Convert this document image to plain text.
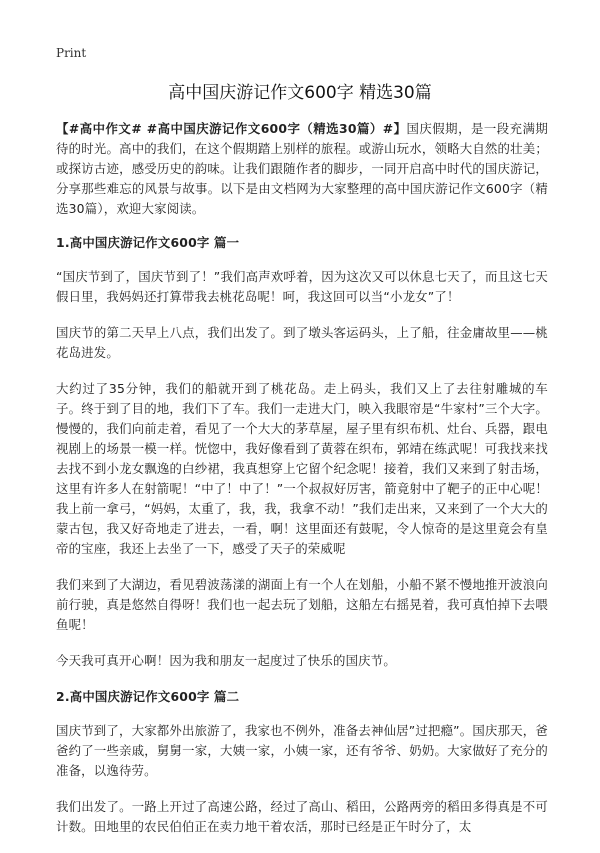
Print
高中国庆游记作文600字 精选30篇

【#高中作文# #高中国庆游记作文600字（精选30篇）#】国庆假期，是一段充满期待的时光。高中的我们，在这个假期踏上别样的旅程。或游山玩水，领略大自然的壮美；或探访古迹，感受历史的韵味。让我们跟随作者的脚步，一同开启高中时代的国庆游记，分享那些难忘的风景与故事。以下是由文档网为大家整理的高中国庆游记作文600字（精选30篇），欢迎大家阅读。

1.高中国庆游记作文600字 篇一

“国庆节到了，国庆节到了！”我们高声欢呼着，因为这次又可以休息七天了，而且这七天假日里，我妈妈还打算带我去桃花岛呢！呵，我这回可以当“小龙女”了！

国庆节的第二天早上八点，我们出发了。到了墩头客运码头，上了船，往金庸故里——桃花岛进发。

大约过了35分钟，我们的船就开到了桃花岛。走上码头，我们又上了去往射雕城的车子。终于到了目的地，我们下了车。我们一走进大门，映入我眼帘是“牛家村”三个大字。慢慢的，我们向前走着，看见了一个大大的茅草屋，屋子里有织布机、灶台、兵器，跟电视剧上的场景一模一样。恍惚中，我好像看到了黄蓉在织布，郭靖在练武呢！可我找来找去找不到小龙女飘逸的白纱裙，我真想穿上它留个纪念呢！接着，我们又来到了射击场，这里有许多人在射箭呢！“中了！中了！”一个叔叔好厉害，箭竟射中了靶子的正中心呢！我上前一拿弓，“妈妈，太重了，我，我，我拿不动！”我们走出来，又来到了一个大大的蒙古包，我又好奇地走了进去，一看，啊！这里面还有鼓呢，令人惊奇的是这里竟会有皇帝的宝座，我还上去坐了一下，感受了天子的荣威呢

我们来到了大湖边，看见碧波荡漾的湖面上有一个人在划船，小船不紧不慢地推开波浪向前行驶，真是悠然自得呀！我们也一起去玩了划船，这船左右摇晃着，我可真怕掉下去喂鱼呢！

今天我可真开心啊！因为我和朋友一起度过了快乐的国庆节。

2.高中国庆游记作文600字 篇二

国庆节到了，大家都外出旅游了，我家也不例外，准备去神仙居”过把瘾”。国庆那天，爸爸约了一些亲戚，舅舅一家，大姨一家，小姨一家，还有爷爷、奶奶。大家做好了充分的准备，以逸待劳。

我们出发了。一路上开过了高速公路，经过了高山、稻田，公路两旁的稻田多得真是不可计数。田地里的农民伯伯正在卖力地干着农活，那时已经是正午时分了，太
